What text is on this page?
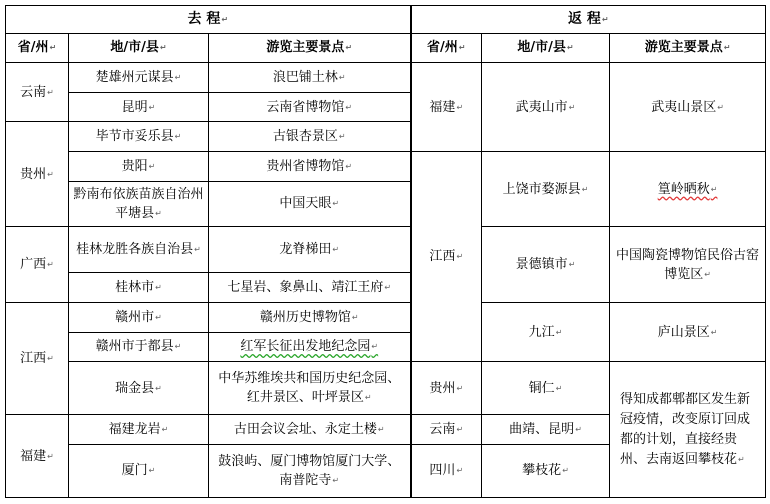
去 程 ↵			返 程 ↵
省/州 ↵	地/市/县 ↵	游览主要景点 ↵	省/州 ↵	地/市/县 ↵	游览主要景点 ↵
云南 ↵	楚雄州元谋县 ↵	浪巴铺土林 ↵	福建 ↵	武夷山市 ↵	武夷山景区 ↵
	昆明 ↵	云南省博物馆 ↵
贵州 ↵	毕节市妥乐县 ↵	古银杏景区 ↵
	贵阳 ↵	贵州省博物馆 ↵	江西 ↵	上饶市婺源县 ↵	篁岭晒秋 ↵
	黔南布依族苗族自治州平塘县 ↵	中国天眼 ↵
广西 ↵	桂林龙胜各族自治县 ↵	龙脊梯田 ↵		景德镇市 ↵	中国陶瓷博物馆民俗古窑博览区 ↵
	桂林市 ↵	七星岩、象鼻山、靖江王府 ↵
江西 ↵	赣州市 ↵	赣州历史博物馆 ↵		九江 ↵	庐山景区 ↵
	赣州市于都县 ↵	红军长征出发地纪念园 ↵
	瑞金县 ↵	中华苏维埃共和国历史纪念园、红井景区、叶坪景区 ↵	贵州 ↵	铜仁 ↵	得知成都郫都区发生新冠疫情，改变原订回成都的计划，直接经贵州、去南返回攀枝花 ↵
福建 ↵	福建龙岩 ↵	古田会议会址、永定土楼 ↵	云南 ↵	曲靖、昆明 ↵
	厦门 ↵	鼓浪屿、厦门博物馆厦门大学、南普陀寺 ↵	四川 ↵	攀枝花 ↵
